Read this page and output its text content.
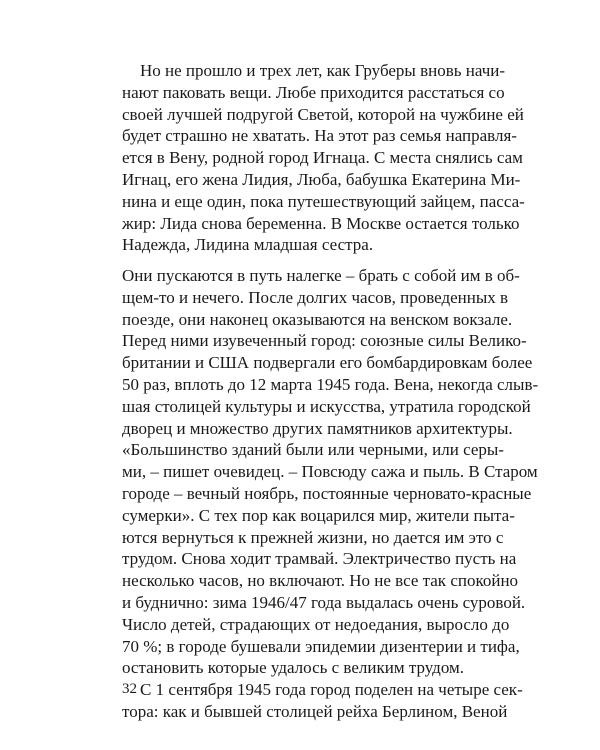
Но не прошло и трех лет, как Груберы вновь начи-
нают паковать вещи. Любе приходится расстаться со
своей лучшей подругой Светой, которой на чужбине ей
будет страшно не хватать. На этот раз семья направля-
ется в Вену, родной город Игнаца. С места снялись сам
Игнац, его жена Лидия, Люба, бабушка Екатерина Ми-
нина и еще один, пока путешествующий зайцем, пасса-
жир: Лида снова беременна. В Москве остается только
Надежда, Лидина младшая сестра.
Они пускаются в путь налегке – брать с собой им в об-
щем-то и нечего. После долгих часов, проведенных в
поезде, они наконец оказываются на венском вокзале.
Перед ними изувеченный город: союзные силы Велико-
британии и США подвергали его бомбардировкам более
50 раз, вплоть до 12 марта 1945 года. Вена, некогда слыв-
шая столицей культуры и искусства, утратила городской
дворец и множество других памятников архитектуры.
«Большинство зданий были или черными, или серы-
ми, – пишет очевидец. – Повсюду сажа и пыль. В Старом
городе – вечный ноябрь, постоянные черновато-красные
сумерки». С тех пор как воцарился мир, жители пыта-
ются вернуться к прежней жизни, но дается им это с
трудом. Снова ходит трамвай. Электричество пусть на
несколько часов, но включают. Но не все так спокойно
и буднично: зима 1946/47 года выдалась очень суровой.
Число детей, страдающих от недоедания, выросло до
70 %; в городе бушевали эпидемии дизентерии и тифа,
остановить которые удалось с великим трудом.
С 1 сентября 1945 года город поделен на четыре сек-
тора: как и бывшей столицей рейха Берлином, Веной
32
